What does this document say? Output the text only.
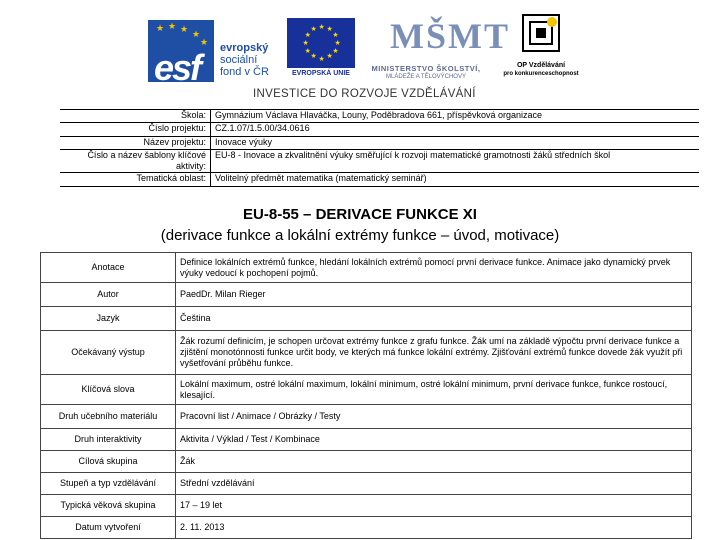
★ ★ ★ ★
★
esf evropský
sociální
fond v ČR
★ ★
★
★
★
★
★
★
★
★
★
★
EVROPSKÁ UNIE
MŠMT
MINISTERSTVO ŠKOLSTVÍ,
MLÁDEŽE A TĚLOVÝCHOVY
OP Vzdělávání
pro konkurenceschopnost
INVESTICE DO ROZVOJE VZDĚLÁVÁNÍ
Škola:	Gymnázium Václava Hlaváčka, Louny, Poděbradova 661, příspěvková organizace
Číslo projektu:	CZ.1.07/1.5.00/34.0616
Název projektu:	Inovace výuky
Číslo a název šablony klíčové aktivity:	EU-8 - Inovace a zkvalitnění výuky směřující k rozvoji matematické gramotnosti žáků středních škol
Tematická oblast:	Volitelný předmět matematika (matematický seminář)
EU-8-55 – DERIVACE FUNKCE XI
(derivace funkce a lokální extrémy funkce – úvod, motivace)
Anotace	Definice lokálních extrémů funkce, hledání lokálních extrémů pomocí první derivace funkce. Animace jako dynamický prvek výuky vedoucí k pochopení pojmů.
Autor	PaedDr. Milan Rieger
Jazyk	Čeština
Očekávaný výstup	Žák rozumí definicím, je schopen určovat extrémy funkce z grafu funkce. Žák umí na základě výpočtu první derivace funkce a zjištění monotónnosti funkce určit body, ve kterých má funkce lokální extrémy. Zjišťování extrémů funkce dovede žák využít při vyšetřování průběhu funkce.
Klíčová slova	Lokální maximum, ostré lokální maximum, lokální minimum, ostré lokální minimum, první derivace funkce, funkce rostoucí, klesající.
Druh učebního materiálu	Pracovní list / Animace / Obrázky / Testy
Druh interaktivity	Aktivita / Výklad / Test / Kombinace
Cílová skupina	Žák
Stupeň a typ vzdělávání	Střední vzdělávání
Typická věková skupina	17 – 19 let
Datum vytvoření	2. 11. 2013
